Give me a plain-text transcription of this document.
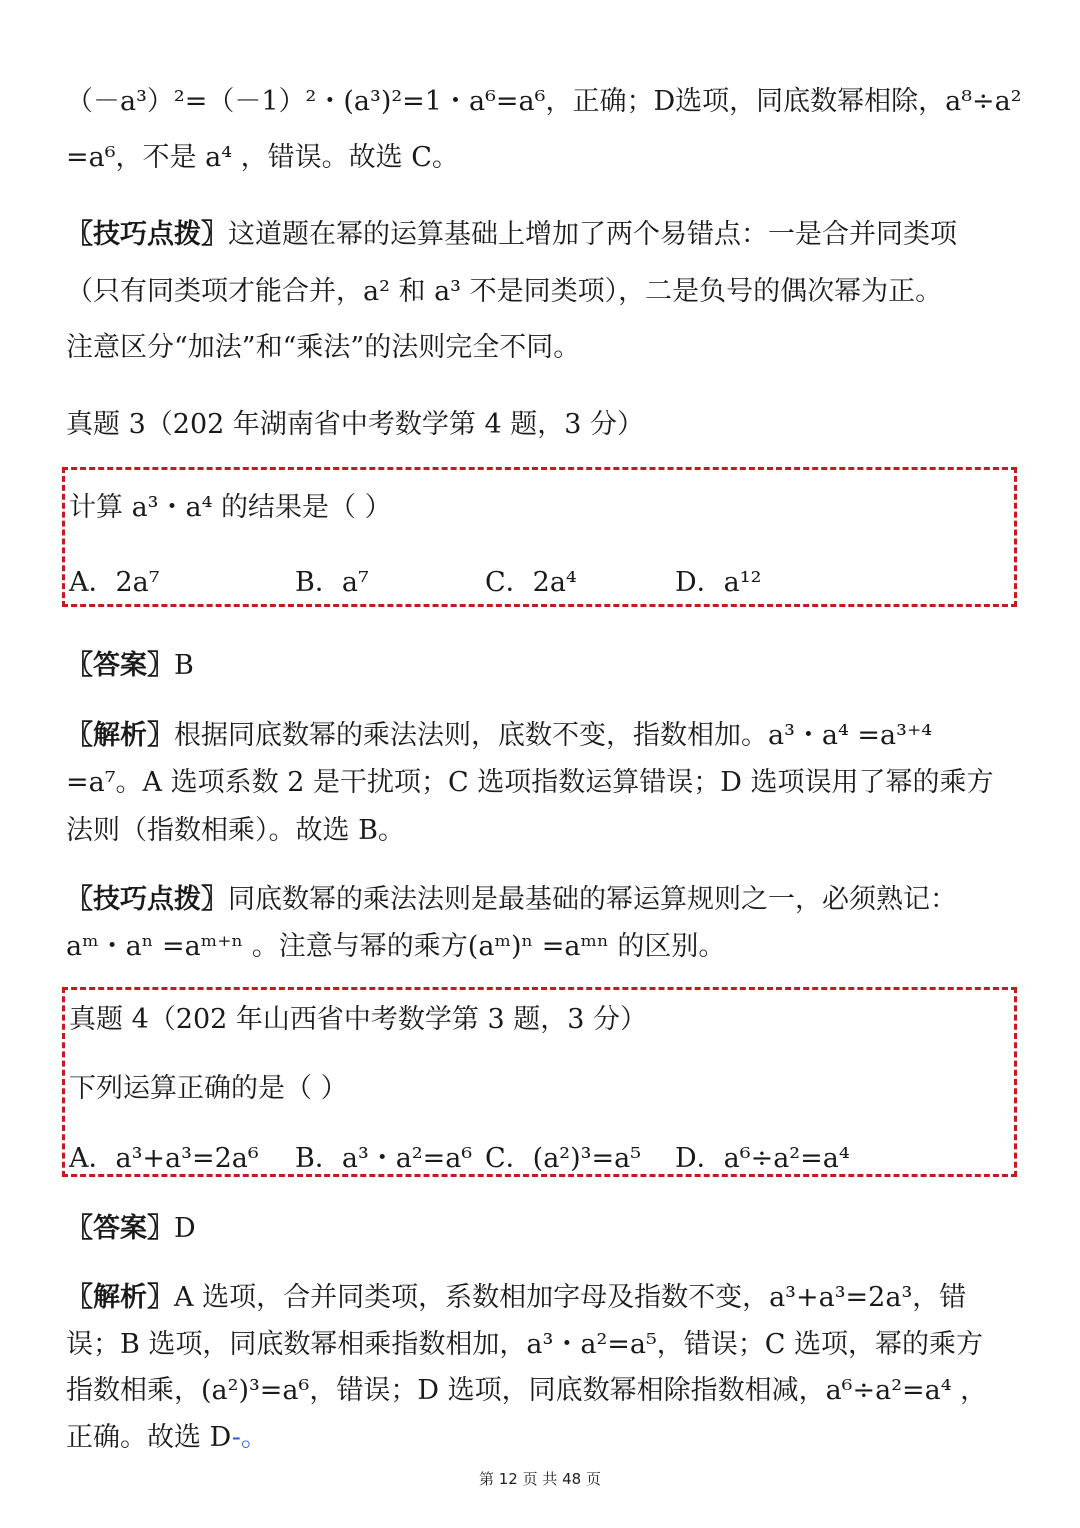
（－a³）²=（－1）²・(a³)²=1・a⁶=a⁶，正确；D选项，同底数幂相除，a⁸÷a²
=a⁶，不是 a⁴ ，错误。故选 C。
〖技巧点拨〗这道题在幂的运算基础上增加了两个易错点：一是合并同类项
（只有同类项才能合并，a² 和 a³ 不是同类项），二是负号的偶次幂为正。
注意区分“加法”和“乘法”的法则完全不同。
真题 3（202 年湖南省中考数学第 4 题，3 分）
计算 a³・a⁴ 的结果是（ ）
A．2a⁷	B．a⁷	C．2a⁴	D．a¹²
〖答案〗B
〖解析〗根据同底数幂的乘法法则，底数不变，指数相加。a³・a⁴ =a³⁺⁴
=a⁷。A 选项系数 2 是干扰项；C 选项指数运算错误；D 选项误用了幂的乘方
法则（指数相乘）。故选 B。
〖技巧点拨〗同底数幂的乘法法则是最基础的幂运算规则之一，必须熟记：
aᵐ・aⁿ =aᵐ⁺ⁿ 。注意与幂的乘方(aᵐ)ⁿ =aᵐⁿ 的区别。
真题 4（202 年山西省中考数学第 3 题，3 分）
下列运算正确的是（ ）
A．a³+a³=2a⁶ B．a³・a²=a⁶ C．(a²)³=a⁵ D．a⁶÷a²=a⁴
〖答案〗D
〖解析〗A 选项，合并同类项，系数相加字母及指数不变，a³+a³=2a³，错
误；B 选项，同底数幂相乘指数相加，a³・a²=a⁵，错误；C 选项，幂的乘方
指数相乘，(a²)³=a⁶，错误；D 选项，同底数幂相除指数相减，a⁶÷a²=a⁴ ，
正确。故选 D-。
第 12 页 共 48 页
